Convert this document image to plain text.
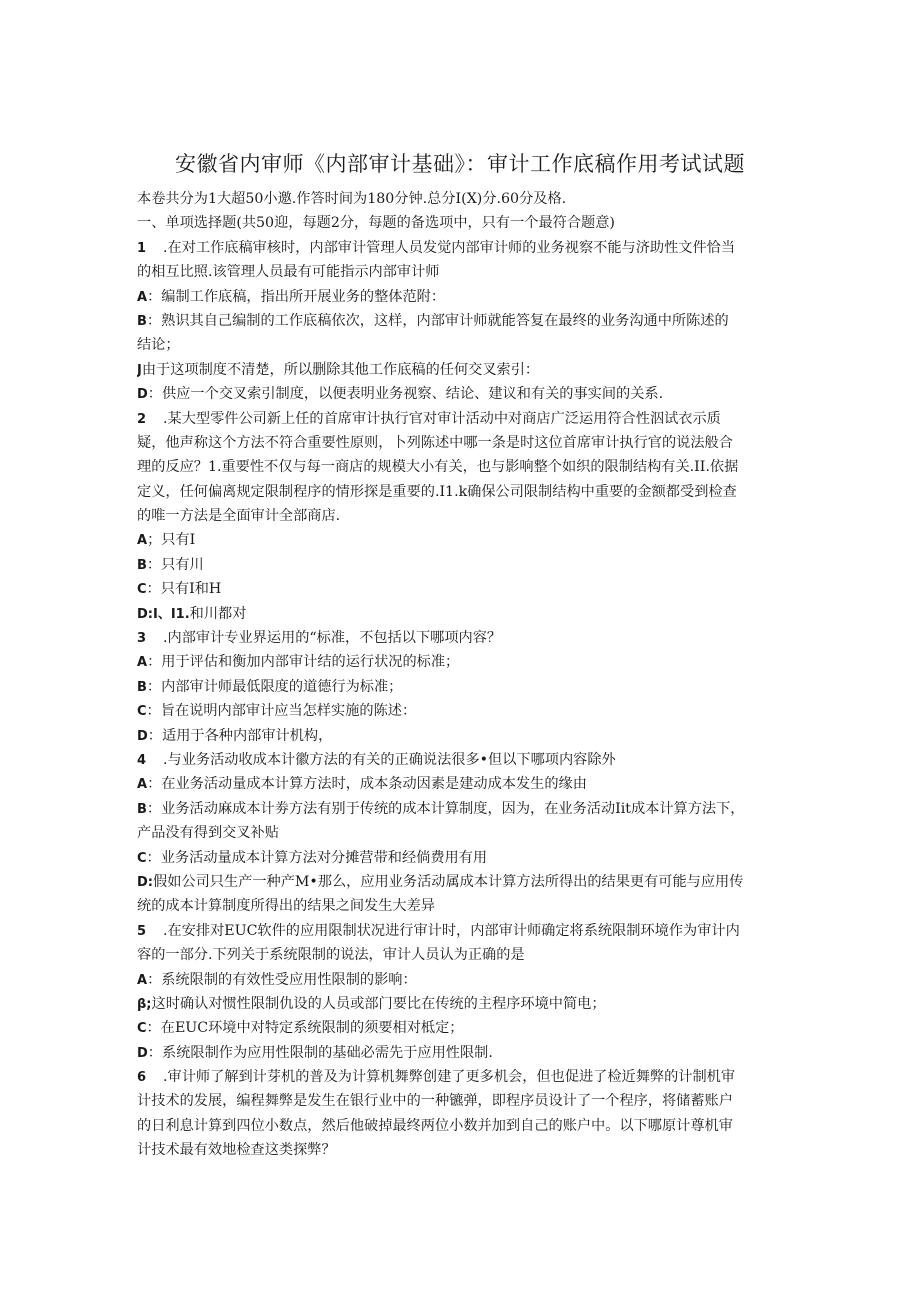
安徽省内审师《内部审计基础》：审计工作底稿作用考试试题
本卷共分为1大超50小邀.作答时间为180分钟.总分I(X)分.60分及格.
一、单项选择题(共50迎，每题2分，每题的备选项中，只有一个最符合题意)
1 .在对工作底稿审核时，内部审计管理人员发觉内部审计师的业务视察不能与济助性文件恰当
的相互比照.该管理人员最有可能指示内部审计师
A：编制工作底稿，指出所开展业务的整体范附：
B：熟识其自己编制的工作底稿依次，这样，内部审计师就能答复在最终的业务沟通中所陈述的
结论；
J由于这项制度不清楚，所以删除其他工作底稿的任何交叉索引：
D：供应一个交叉索引制度，以便表明业务视察、结论、建议和有关的事实间的关系.
2 .某大型零件公司新上任的首席审计执行官对审计活动中对商店广泛运用符合性泅试衣示质
疑，他声称这个方法不符合重要性原则，卜列陈述中哪一条是时这位首席审计执行官的说法般合
理的反应？1.重要性不仅与每一商店的规模大小有关，也与影响整个如织的限制结构有关.II.依据
定义，任何偏离规定限制程序的情形探是重要的.I1.k确保公司限制结构中重要的金额都受到检查
的唯一方法是全面审计全部商店.
A；只有I
B：只有川
C：只有I和H
D:I、I1.和川都对
3 .内部审计专业界运用的“标准，不包括以下哪项内容？
A：用于评估和衡加内部审计结的运行状况的标准；
B：内部审计师最低限度的道德行为标准；
C：旨在说明内部审计应当怎样实施的陈述：
D：适用于各种内部审计机构，
4 .与业务活动收成本计徽方法的有关的正确说法很多•但以下哪项内容除外
A：在业务活动量成本计算方法时，成本条动因素是建动成本发生的缘由
B：业务活动麻成本计劵方法有别于传统的成本计算制度，因为，在业务活动Iit成本计算方法下，
产品没有得到交叉补贴
C：业务活动量成本计算方法对分摊营带和经倘费用有用
D:假如公司只生产一种产M•那么，应用业务活动属成本计算方法所得出的结果更有可能与应用传
统的成本计算制度所得出的结果之间发生大差异
5 .在安排对EUC软件的应用限制状况进行审计时，内部审计师确定将系统限制环境作为审计内
容的一部分.下列关于系统限制的说法，审计人员认为正确的是
A：系统限制的有效性受应用性限制的影响：
β;这时确认对惯性限制仇设的人员或部门要比在传统的主程序环境中简电；
C：在EUC环境中对特定系统限制的须要相对柢定；
D：系统限制作为应用性限制的基础必需先于应用性限制.
6 .审计师了解到计芽机的普及为计算机舞弊创建了更多机会，但也促进了检近舞弊的计制机审
计技术的发展，编程舞弊是发生在银行业中的一种镳弹，即程序员设计了一个程序，将储蓄账户
的日利息计算到四位小数点，然后他破掉最终两位小数并加到自己的账户中。以下哪原计尊机审
计技术最有效地检查这类探弊？
